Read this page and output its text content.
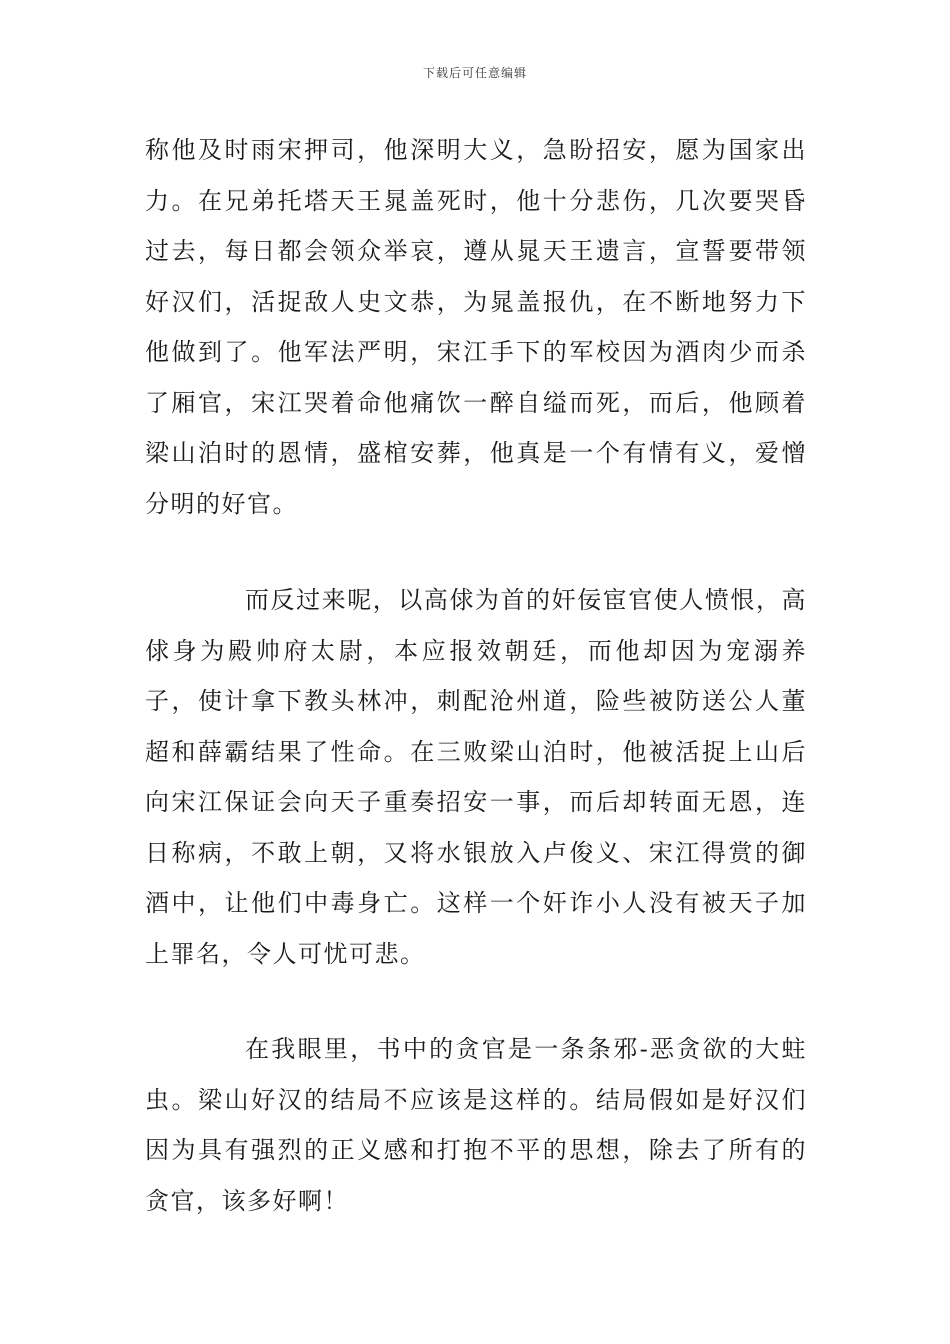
下载后可任意编辑

称他及时雨宋押司，他深明大义，急盼招安，愿为国家出力。在兄弟托塔天王晁盖死时，他十分悲伤，几次要哭昏过去，每日都会领众举哀，遵从晁天王遗言，宣誓要带领好汉们，活捉敌人史文恭，为晁盖报仇，在不断地努力下他做到了。他军法严明，宋江手下的军校因为酒肉少而杀了厢官，宋江哭着命他痛饮一醉自缢而死，而后，他顾着梁山泊时的恩情，盛棺安葬，他真是一个有情有义，爱憎分明的好官。

而反过来呢，以高俅为首的奸佞宦官使人愤恨，高俅身为殿帅府太尉，本应报效朝廷，而他却因为宠溺养子，使计拿下教头林冲，刺配沧州道，险些被防送公人董超和薛霸结果了性命。在三败梁山泊时，他被活捉上山后向宋江保证会向天子重奏招安一事，而后却转面无恩，连日称病，不敢上朝，又将水银放入卢俊义、宋江得赏的御酒中，让他们中毒身亡。这样一个奸诈小人没有被天子加上罪名，令人可忧可悲。

在我眼里，书中的贪官是一条条邪-恶贪欲的大蛀虫。梁山好汉的结局不应该是这样的。结局假如是好汉们因为具有强烈的正义感和打抱不平的思想，除去了所有的贪官，该多好啊！
